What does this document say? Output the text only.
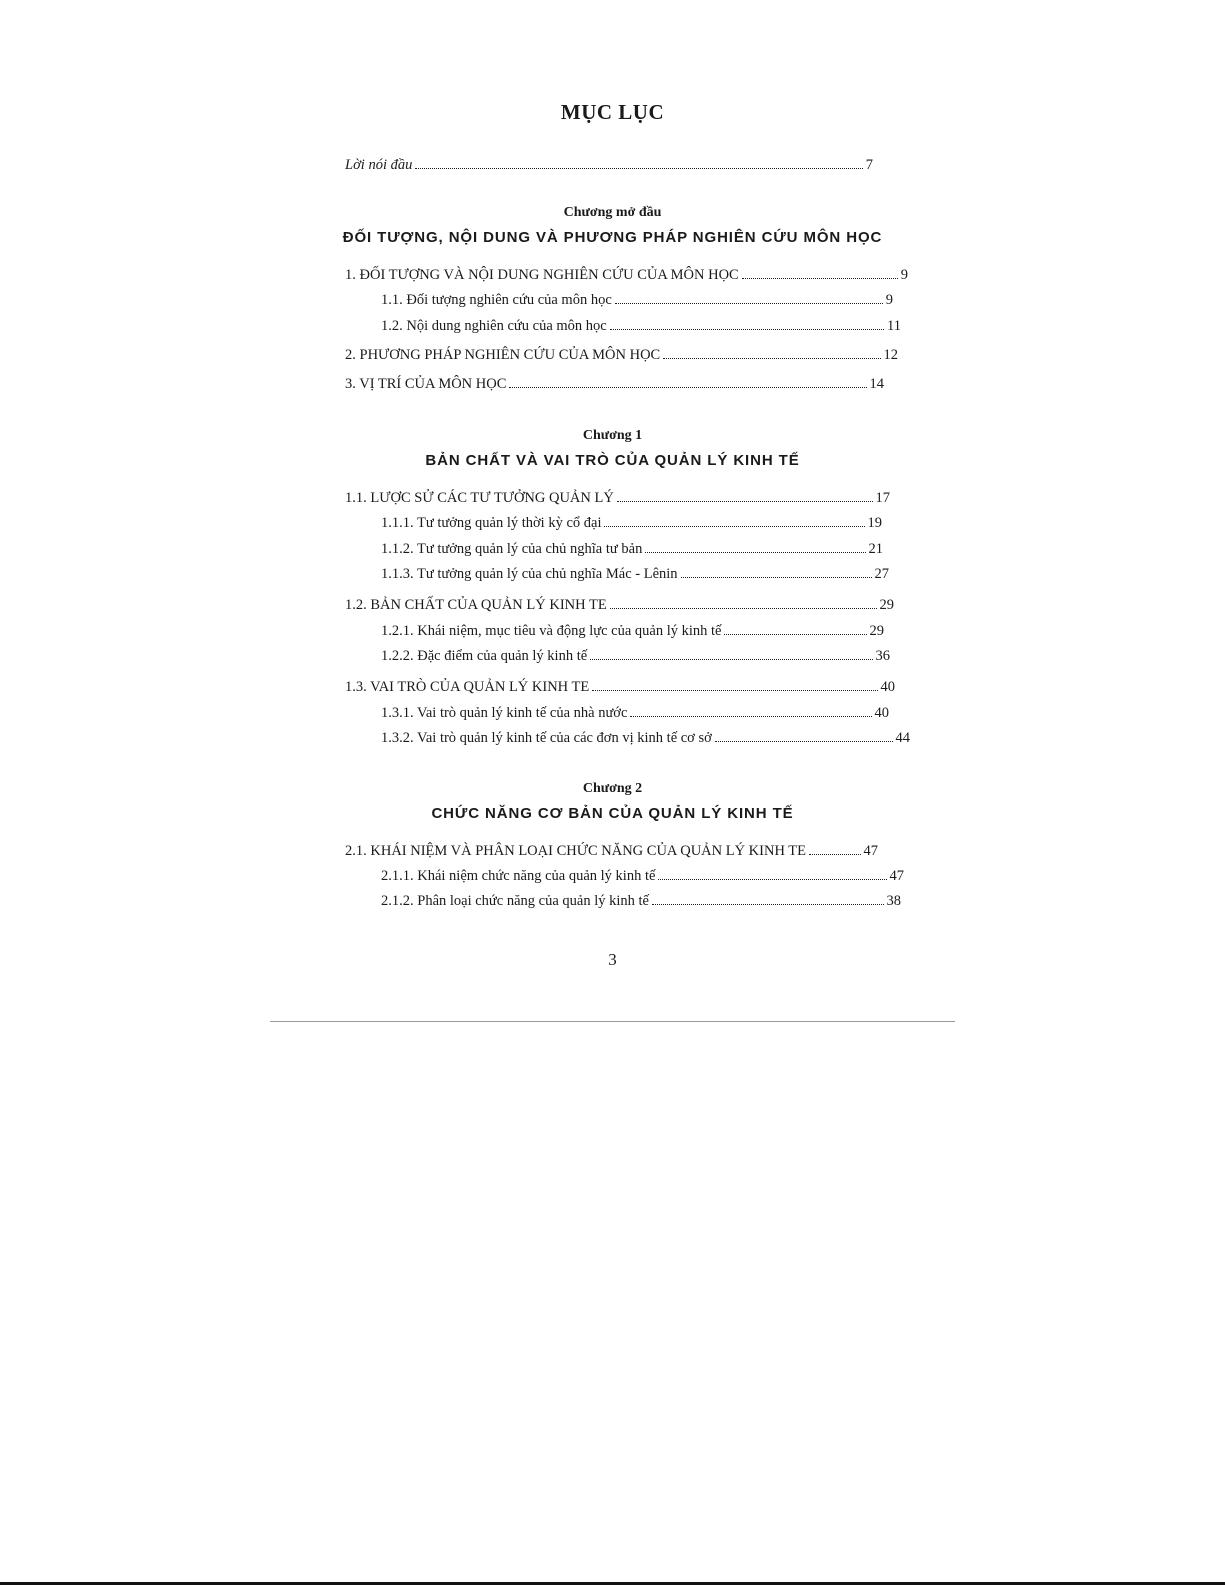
MỤC LỤC
Lời nói đầu	7
Chương mở đầu
ĐỐI TƯỢNG, NỘI DUNG VÀ PHƯƠNG PHÁP NGHIÊN CỨU MÔN HỌC
1. ĐỐI TƯỢNG VÀ NỘI DUNG NGHIÊN CỨU CỦA MÔN HỌC	9
1.1. Đối tượng nghiên cứu của môn học	9
1.2. Nội dung nghiên cứu của môn học	11
2. PHƯƠNG PHÁP NGHIÊN CỨU CỦA MÔN HỌC	12
3. VỊ TRÍ CỦA MÔN HỌC	14
Chương 1
BẢN CHẤT VÀ VAI TRÒ CỦA QUẢN LÝ KINH TẾ
1.1. LƯỢC SỬ CÁC TƯ TƯỞNG QUẢN LÝ	17
1.1.1. Tư tưởng quản lý thời kỳ cổ đại	19
1.1.2. Tư tưởng quản lý của chủ nghĩa tư bản	21
1.1.3. Tư tưởng quản lý của chủ nghĩa Mác - Lênin	27
1.2. BẢN CHẤT CỦA QUẢN LÝ KINH TE	29
1.2.1. Khái niệm, mục tiêu và động lực của quản lý kinh tế	29
1.2.2. Đặc điểm của quản lý kinh tế	36
1.3. VAI TRÒ CỦA QUẢN LÝ KINH TE	40
1.3.1. Vai trò quản lý kinh tế của nhà nước	40
1.3.2. Vai trò quản lý kinh tế của các đơn vị kinh tế cơ sở	44
Chương 2
CHỨC NĂNG CƠ BẢN CỦA QUẢN LÝ KINH TẾ
2.1. KHÁI NIỆM VÀ PHÂN LOẠI CHỨC NĂNG CỦA QUẢN LÝ KINH TE	47
2.1.1. Khái niệm chức năng của quản lý kinh tế	47
2.1.2. Phân loại chức năng của quản lý kinh tế	38
3
